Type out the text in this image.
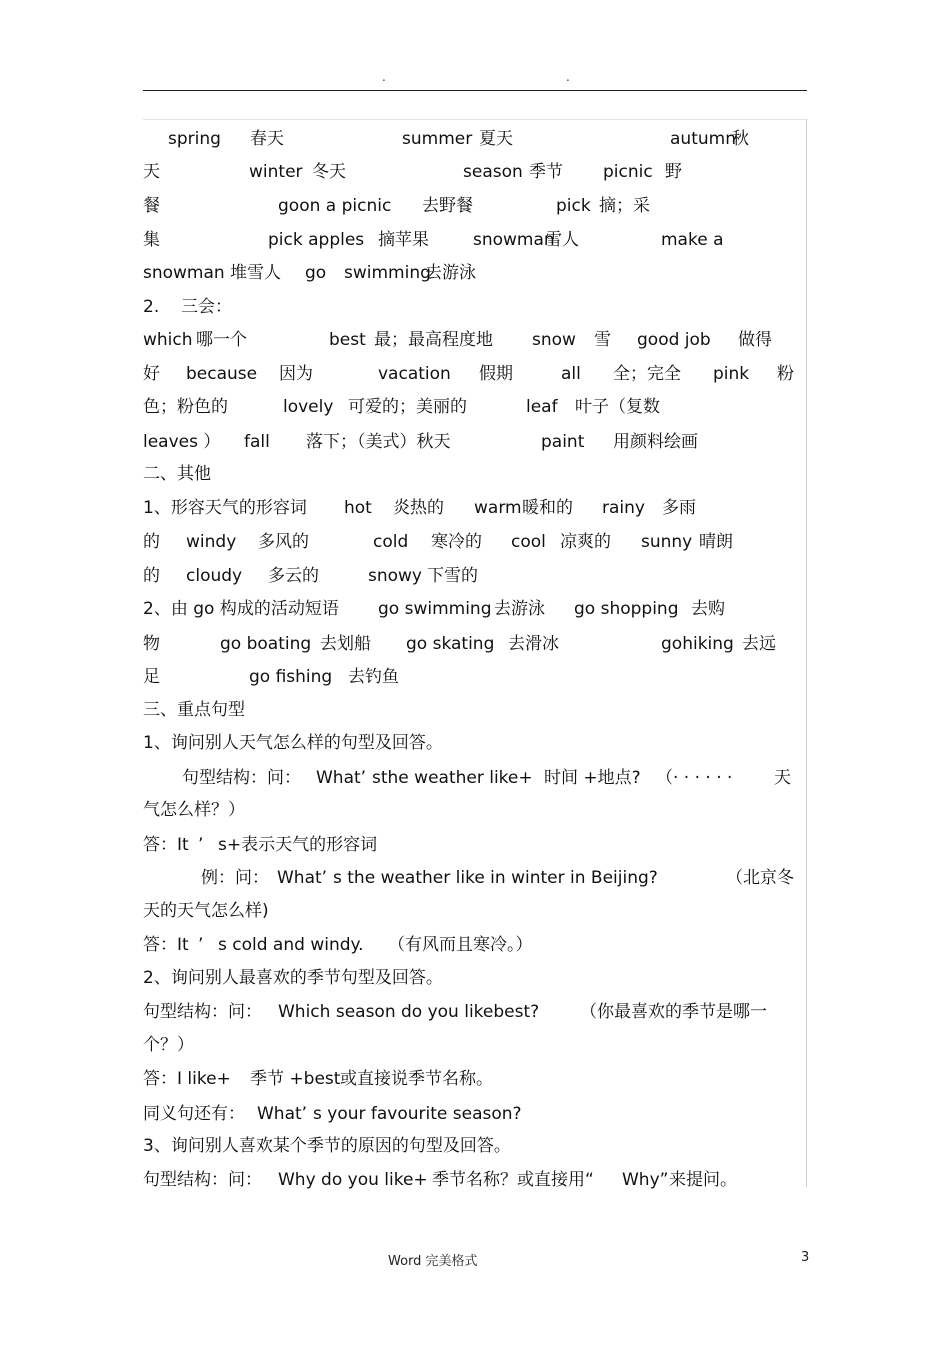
.	.
spring 春天	summer 夏天	autumn
秋
天	winter 冬天	season 季节 picnic 野
餐	goon a picnic 去野餐	pick 摘；采
集	pick apples 摘苹果	snowman
雪人	make a
snowman 堆雪人 go swimming
去游泳
2. 三会：
which 哪一个	best 最；最高程度地 snow 雪 good job 做得
好 because 因为	vacation 假期	all 全；完全 pink 粉
色；粉色的	lovely 可爱的；美丽的	leaf 叶子（复数
leaves ） fall 落下；（美式）秋天	paint 用颜料绘画
二、其他
1、形容天气的形容词 hot 炎热的 warm 暖和的 rainy 多雨
的 windy 多风的	cold 寒冷的 cool 凉爽的 sunny 晴朗
的 cloudy 多云的	snowy 下雪的
2、由 go 构成的活动短语 go swimming 去游泳 go shopping 去购
物	go boating 去划船 go skating 去滑冰	gohiking 去远
足	go fishing 去钓鱼
三、重点句型
1、询问别人天气怎么样的句型及回答。
句型结构：问： What’ sthe weather like+ 时间 +地点? （· · · · · · 天
气怎么样？）
答：It ’ s+表示天气的形容词
例：问： What’ s the weather like in winter in Beijing?	（北京冬
天的天气怎么样)
答：It ’ s cold and windy. （有风而且寒冷。）
2、询问别人最喜欢的季节句型及回答。
句型结构：问： Which season do you likebest? （你最喜欢的季节是哪一
个？）
答：I like+ 季节 +best 或直接说季节名称。
同义句还有： What’ s your favourite season?
3、询问别人喜欢某个季节的原因的句型及回答。
句型结构：问： Why do you like+ 季节名称？或直接用“ Why” 来提问。
Word 完美格式	3
